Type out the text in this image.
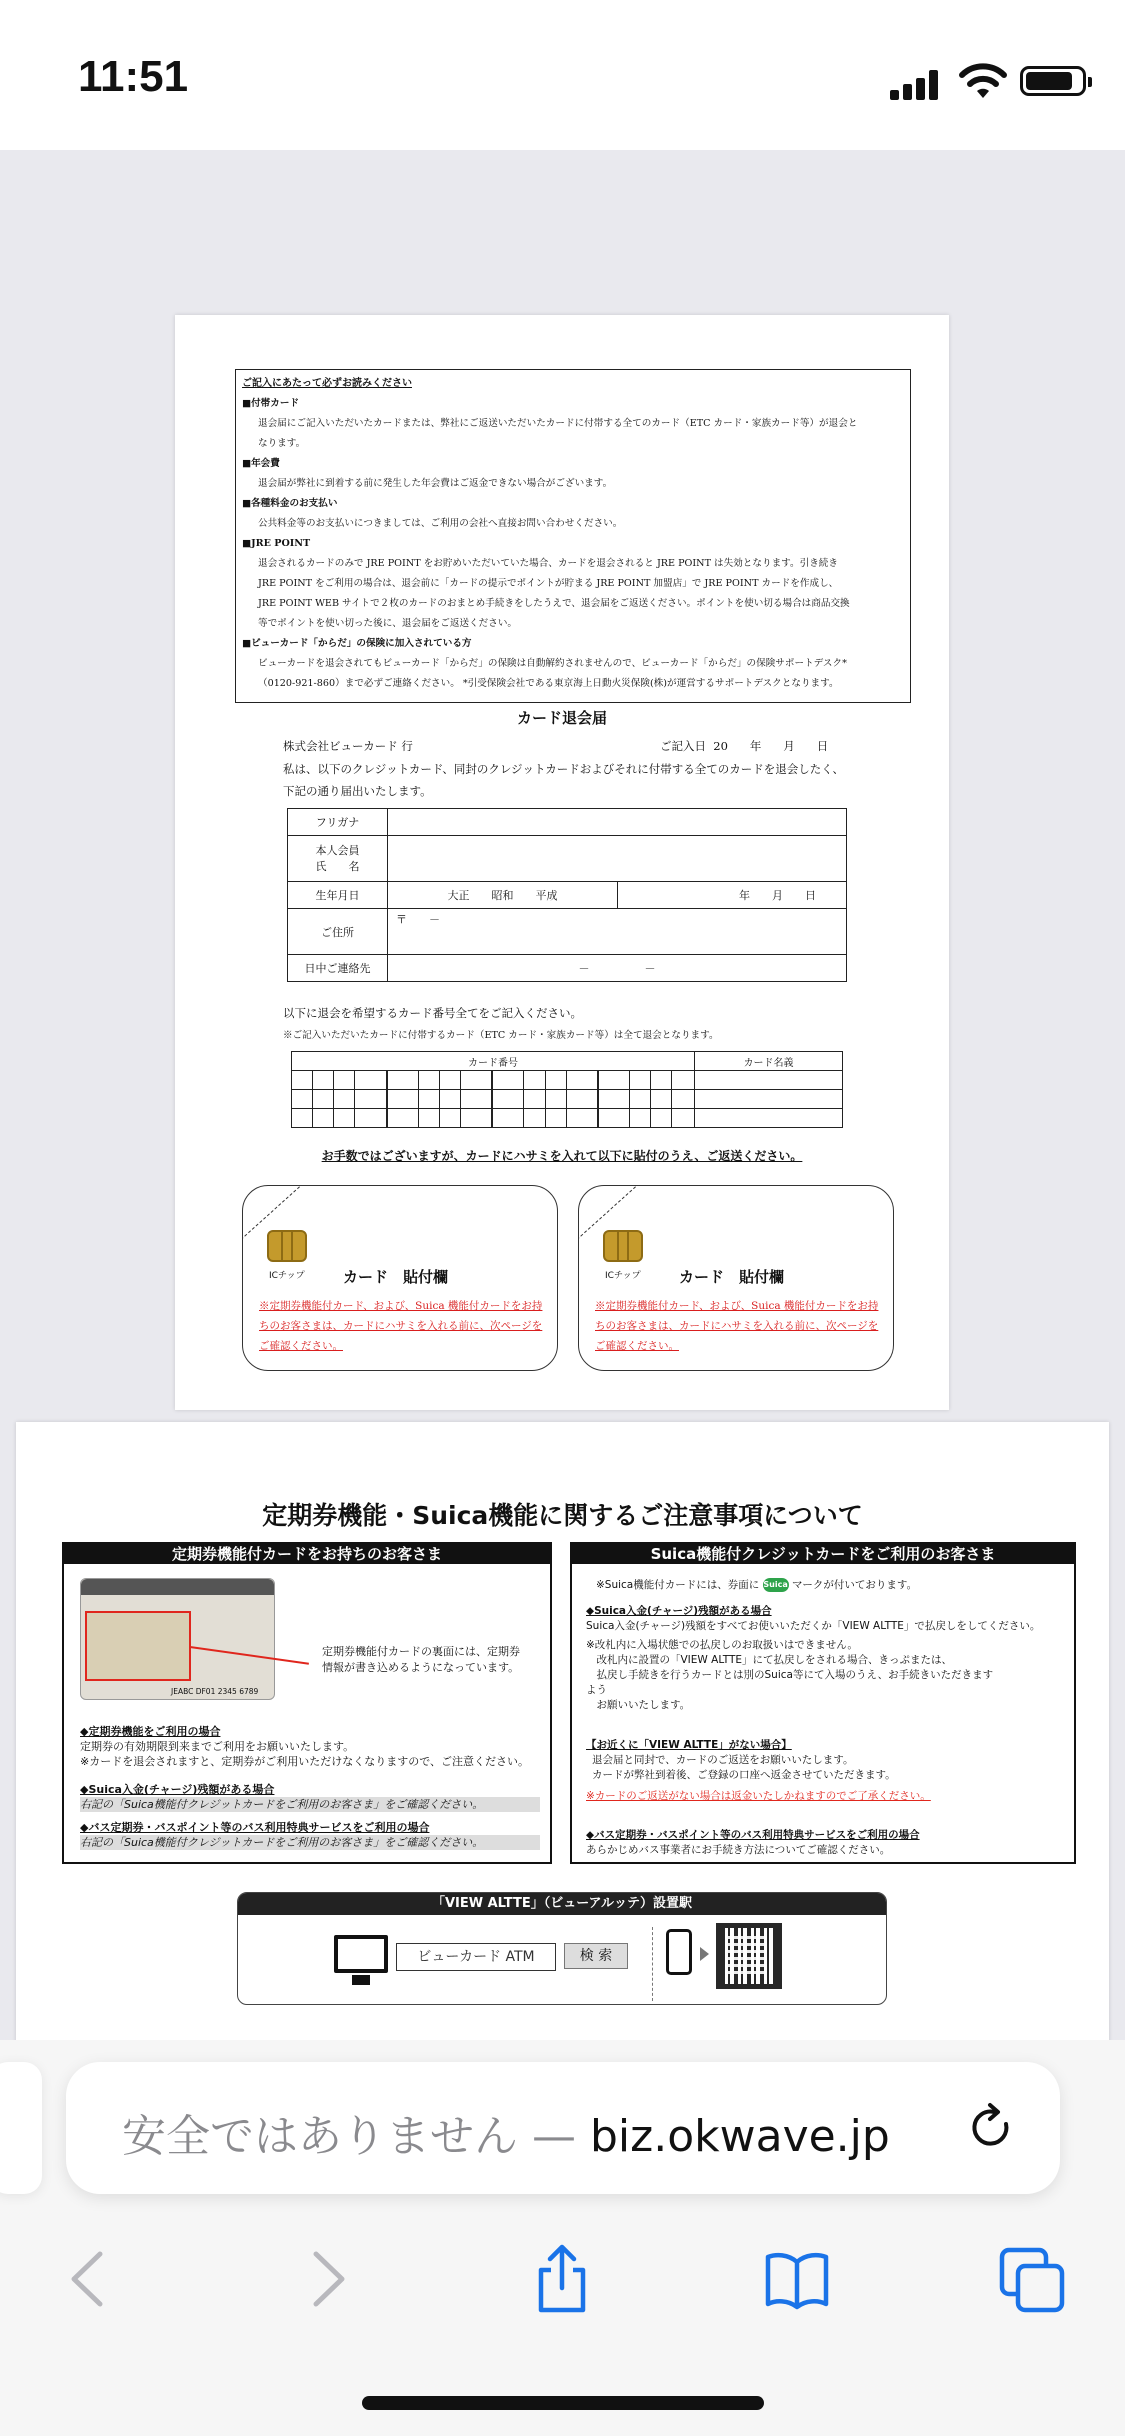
11:51
ご記入にあたって必ずお読みください
■付帯カード
退会届にご記入いただいたカードまたは、弊社にご返送いただいたカードに付帯する全てのカード（ETC カード・家族カード等）が退会と
なります。
■年会費
退会届が弊社に到着する前に発生した年会費はご返金できない場合がございます。
■各種料金のお支払い
公共料金等のお支払いにつきましては、ご利用の会社へ直接お問い合わせください。
■JRE POINT
退会されるカードのみで JRE POINT をお貯めいただいていた場合、カードを退会されると JRE POINT は失効となります。引き続き
JRE POINT をご利用の場合は、退会前に「カードの提示でポイントが貯まる JRE POINT 加盟店」で JRE POINT カードを作成し、
JRE POINT WEB サイトで２枚のカードのおまとめ手続きをしたうえで、退会届をご返送ください。ポイントを使い切る場合は商品交換
等でポイントを使い切った後に、退会届をご返送ください。
■ビューカード「からだ」の保険に加入されている方
ビューカードを退会されてもビューカード「からだ」の保険は自動解約されませんので、ビューカード「からだ」の保険サポートデスク*
（0120-921-860）まで必ずご連絡ください。 *引受保険会社である東京海上日動火災保険(株)が運営するサポートデスクとなります。
カード退会届
株式会社ビューカード 行	ご記入日  20      年      月      日
私は、以下のクレジットカード、同封のクレジットカードおよびそれに付帯する全てのカードを退会したく、下記の通り届出いたします。
フリガナ		
本人会員
氏　　名		
生年月日	大正　　昭和　　平成	年　　月　　日
ご住所	〒　　－	
日中ご連絡先	－　　　　　－	
以下に退会を希望するカード番号全てをご記入ください。
※ご記入いただいたカードに付帯するカード（ETC カード・家族カード等）は全て退会となります。
カード番号																カード名義

お手数ではございますが、カードにハサミを入れて以下に貼付のうえ、ご返送ください。
ICチップ	カード　貼付欄
※定期券機能付カード、および、Suica 機能付カードをお持ちのお客さまは、カードにハサミを入れる前に、次ページをご確認ください。
ICチップ	カード　貼付欄
※定期券機能付カード、および、Suica 機能付カードをお持ちのお客さまは、カードにハサミを入れる前に、次ページをご確認ください。
定期券機能・Suica機能に関するご注意事項について
定期券機能付カードをお持ちのお客さま
JEABC DF01 2345 6789
定期券機能付カードの裏面には、定期券情報が書き込めるようになっています。
◆定期券機能をご利用の場合
定期券の有効期限到来までご利用をお願いいたします。
※カードを退会されますと、定期券がご利用いただけなくなりますので、ご注意ください。
◆Suica入金(チャージ)残額がある場合
右記の「Suica機能付クレジットカードをご利用のお客さま」をご確認ください。
◆バス定期券・バスポイント等のバス利用特典サービスをご利用の場合
右記の「Suica機能付クレジットカードをご利用のお客さま」をご確認ください。
Suica機能付クレジットカードをご利用のお客さま
※Suica機能付カードには、券面に Suica マークが付いております。
◆Suica入金(チャージ)残額がある場合
Suica入金(チャージ)残額をすべてお使いいただくか「VIEW ALTTE」で払戻しをしてください。
※改札内に入場状態での払戻しのお取扱いはできません。
　改札内に設置の「VIEW ALTTE」にて払戻しをされる場合、きっぷまたは、
　払戻し手続きを行うカードとは別のSuica等にて入場のうえ、お手続きいただきます
よう
　お願いいたします。
【お近くに「VIEW ALTTE」がない場合】
退会届と同封で、カードのご返送をお願いいたします。
カードが弊社到着後、ご登録の口座へ返金させていただきます。
※カードのご返送がない場合は返金いたしかねますのでご了承ください。
◆バス定期券・バスポイント等のバス利用特典サービスをご利用の場合
あらかじめバス事業者にお手続き方法についてご確認ください。
「VIEW ALTTE」（ビューアルッテ）設置駅
ビューカード ATM	検 索
安全ではありません — biz.okwave.jp
